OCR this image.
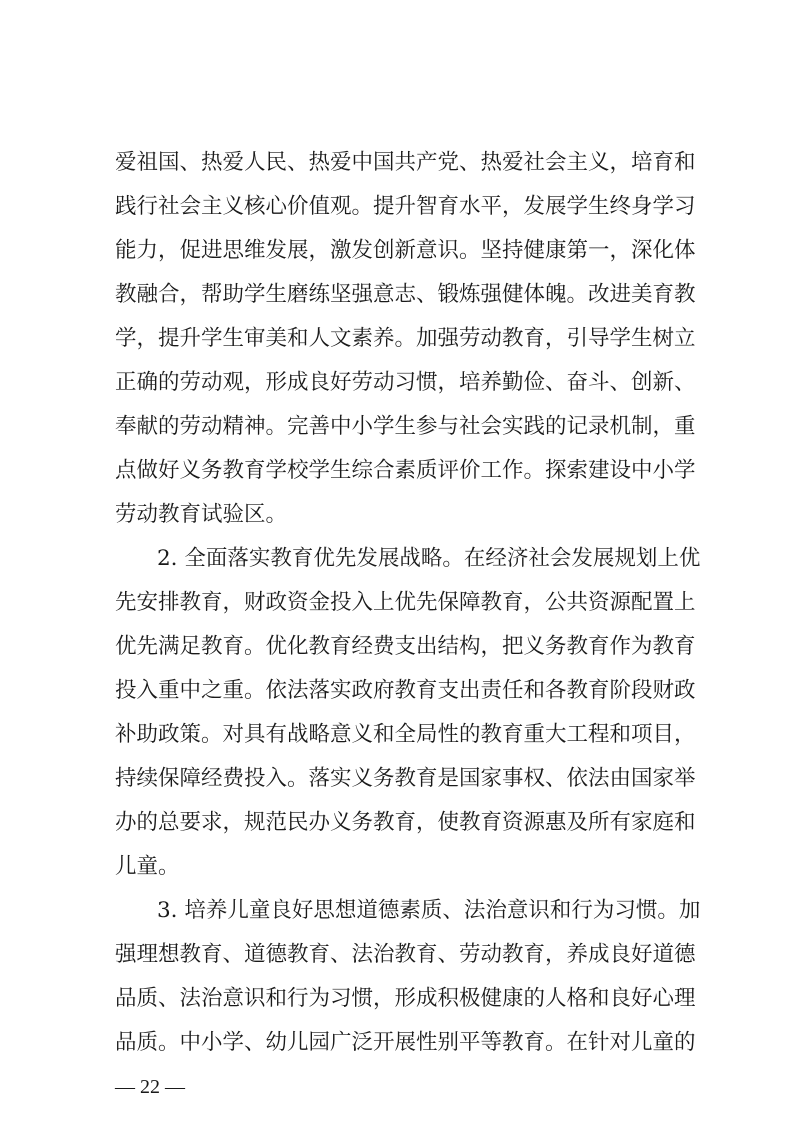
爱祖国、热爱人民、热爱中国共产党、热爱社会主义，培育和
践行社会主义核心价值观。提升智育水平，发展学生终身学习
能力，促进思维发展，激发创新意识。坚持健康第一，深化体
教融合，帮助学生磨练坚强意志、锻炼强健体魄。改进美育教
学，提升学生审美和人文素养。加强劳动教育，引导学生树立
正确的劳动观，形成良好劳动习惯，培养勤俭、奋斗、创新、
奉献的劳动精神。完善中小学生参与社会实践的记录机制，重
点做好义务教育学校学生综合素质评价工作。探索建设中小学
劳动教育试验区。
2. 全面落实教育优先发展战略。在经济社会发展规划上优
先安排教育，财政资金投入上优先保障教育，公共资源配置上
优先满足教育。优化教育经费支出结构，把义务教育作为教育
投入重中之重。依法落实政府教育支出责任和各教育阶段财政
补助政策。对具有战略意义和全局性的教育重大工程和项目，
持续保障经费投入。落实义务教育是国家事权、依法由国家举
办的总要求，规范民办义务教育，使教育资源惠及所有家庭和
儿童。
3. 培养儿童良好思想道德素质、法治意识和行为习惯。加
强理想教育、道德教育、法治教育、劳动教育，养成良好道德
品质、法治意识和行为习惯，形成积极健康的人格和良好心理
品质。中小学、幼儿园广泛开展性别平等教育。在针对儿童的
— 22 —
